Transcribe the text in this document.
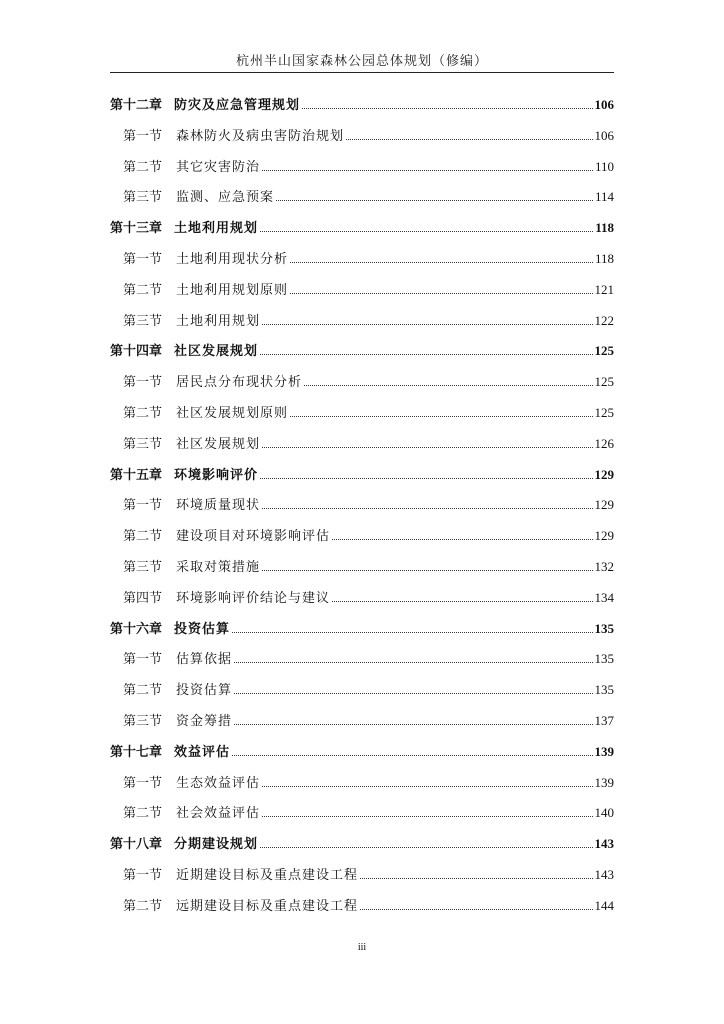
杭州半山国家森林公园总体规划（修编）
第十二章 防灾及应急管理规划	106
第一节 森林防火及病虫害防治规划	106
第二节 其它灾害防治	110
第三节 监测、应急预案	114
第十三章 土地利用规划	118
第一节 土地利用现状分析	118
第二节 土地利用规划原则	121
第三节 土地利用规划	122
第十四章 社区发展规划	125
第一节 居民点分布现状分析	125
第二节 社区发展规划原则	125
第三节 社区发展规划	126
第十五章 环境影响评价	129
第一节 环境质量现状	129
第二节 建设项目对环境影响评估	129
第三节 采取对策措施	132
第四节 环境影响评价结论与建议	134
第十六章 投资估算	135
第一节 估算依据	135
第二节 投资估算	135
第三节 资金筹措	137
第十七章 效益评估	139
第一节 生态效益评估	139
第二节 社会效益评估	140
第十八章 分期建设规划	143
第一节 近期建设目标及重点建设工程	143
第二节 远期建设目标及重点建设工程	144
iii
